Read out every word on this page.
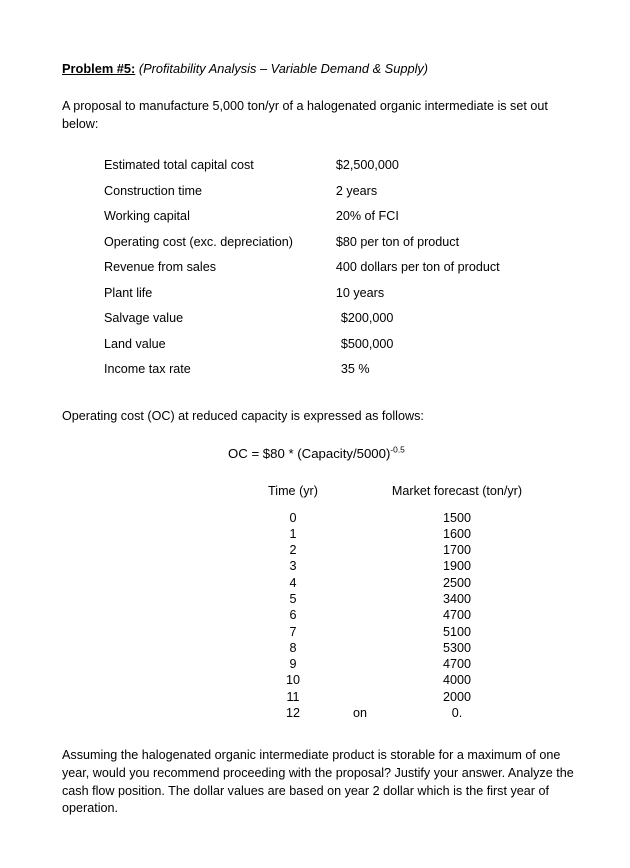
Problem #5: (Profitability Analysis – Variable Demand & Supply)

A proposal to manufacture 5,000 ton/yr of a halogenated organic intermediate is set out below:

Estimated total capital cost	$2,500,000
Construction time	2 years
Working capital	20% of FCI
Operating cost (exc. depreciation)	$80 per ton of product
Revenue from sales	400 dollars per ton of product
Plant life	10 years
Salvage value	$200,000
Land value	$500,000
Income tax rate	35 %

Operating cost (OC) at reduced capacity is expressed as follows:

OC = $80 * (Capacity/5000)$^{-0.5}$

Time (yr)		Market forecast (ton/yr)
0		1500
1		1600
2		1700
3		1900
4		2500
5		3400
6		4700
7		5100
8		5300
9		4700
10		4000
11		2000
12	on	0.

Assuming the halogenated organic intermediate product is storable for a maximum of one year, would you recommend proceeding with the proposal? Justify your answer. Analyze the cash flow position. The dollar values are based on year 2 dollar which is the first year of operation.
